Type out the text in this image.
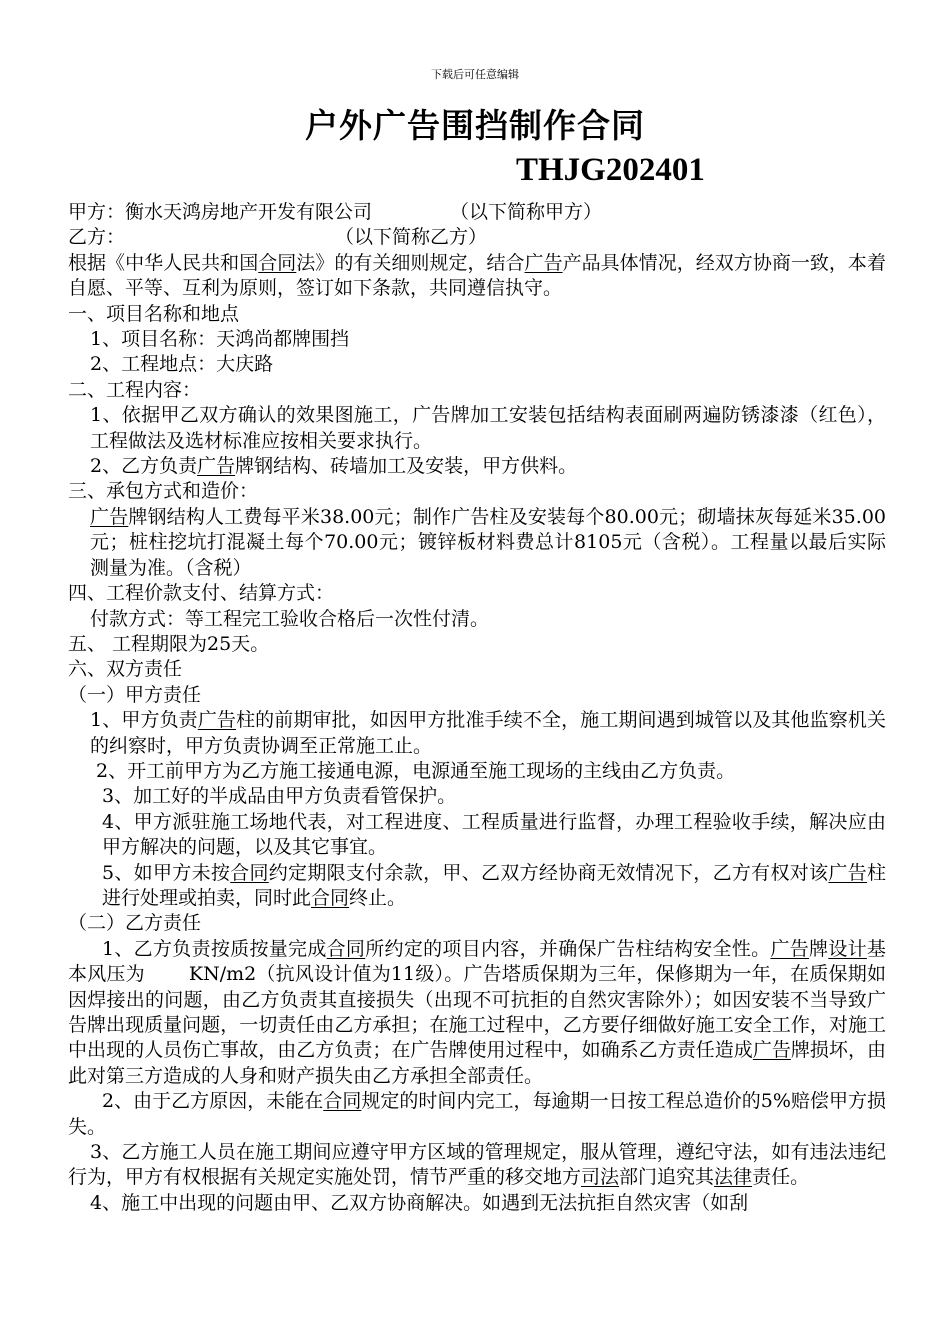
下载后可任意编辑
户外广告围挡制作合同
THJG202401

甲方：衡水天鸿房地产开发有限公司	（以下简称甲方）

乙方：	（以下简称乙方）

根据《中华人民共和国合同法》的有关细则规定，结合广告产品具体情况，经双方协商一致，本着自愿、平等、互利为原则，签订如下条款，共同遵信执守。

一、项目名称和地点

1、项目名称：天鸿尚都牌围挡

2、工程地点：大庆路

二、工程内容：

1、依据甲乙双方确认的效果图施工，广告牌加工安装包括结构表面刷两遍防锈漆漆（红色），工程做法及选材标准应按相关要求执行。

2、乙方负责广告牌钢结构、砖墙加工及安装，甲方供料。

三、承包方式和造价：

广告牌钢结构人工费每平米38.00元；制作广告柱及安装每个80.00元；砌墙抹灰每延米35.00元；桩柱挖坑打混凝土每个70.00元；镀锌板材料费总计8105元（含税）。工程量以最后实际测量为准。（含税）

四、工程价款支付、结算方式：

付款方式：等工程完工验收合格后一次性付清。

五、 工程期限为25天。

六、双方责任

（一）甲方责任

1、甲方负责广告柱的前期审批，如因甲方批准手续不全，施工期间遇到城管以及其他监察机关的纠察时，甲方负责协调至正常施工止。

2、开工前甲方为乙方施工接通电源，电源通至施工现场的主线由乙方负责。

3、加工好的半成品由甲方负责看管保护。

4、甲方派驻施工场地代表，对工程进度、工程质量进行监督，办理工程验收手续，解决应由甲方解决的问题，以及其它事宜。

5、如甲方未按合同约定期限支付余款，甲、乙双方经协商无效情况下，乙方有权对该广告柱进行处理或拍卖，同时此合同终止。

（二）乙方责任

1、乙方负责按质按量完成合同所约定的项目内容，并确保广告柱结构安全性。广告牌设计基本风压为 KN/m2（抗风设计值为11级）。广告塔质保期为三年，保修期为一年，在质保期如因焊接出的问题，由乙方负责其直接损失（出现不可抗拒的自然灾害除外）；如因安装不当导致广告牌出现质量问题，一切责任由乙方承担；在施工过程中，乙方要仔细做好施工安全工作，对施工中出现的人员伤亡事故，由乙方负责；在广告牌使用过程中，如确系乙方责任造成广告牌损坏，由此对第三方造成的人身和财产损失由乙方承担全部责任。

2、由于乙方原因，未能在合同规定的时间内完工，每逾期一日按工程总造价的5%赔偿甲方损失。

3、乙方施工人员在施工期间应遵守甲方区域的管理规定，服从管理，遵纪守法，如有违法违纪行为，甲方有权根据有关规定实施处罚，情节严重的移交地方司法部门追究其法律责任。

4、施工中出现的问题由甲、乙双方协商解决。如遇到无法抗拒自然灾害（如刮
